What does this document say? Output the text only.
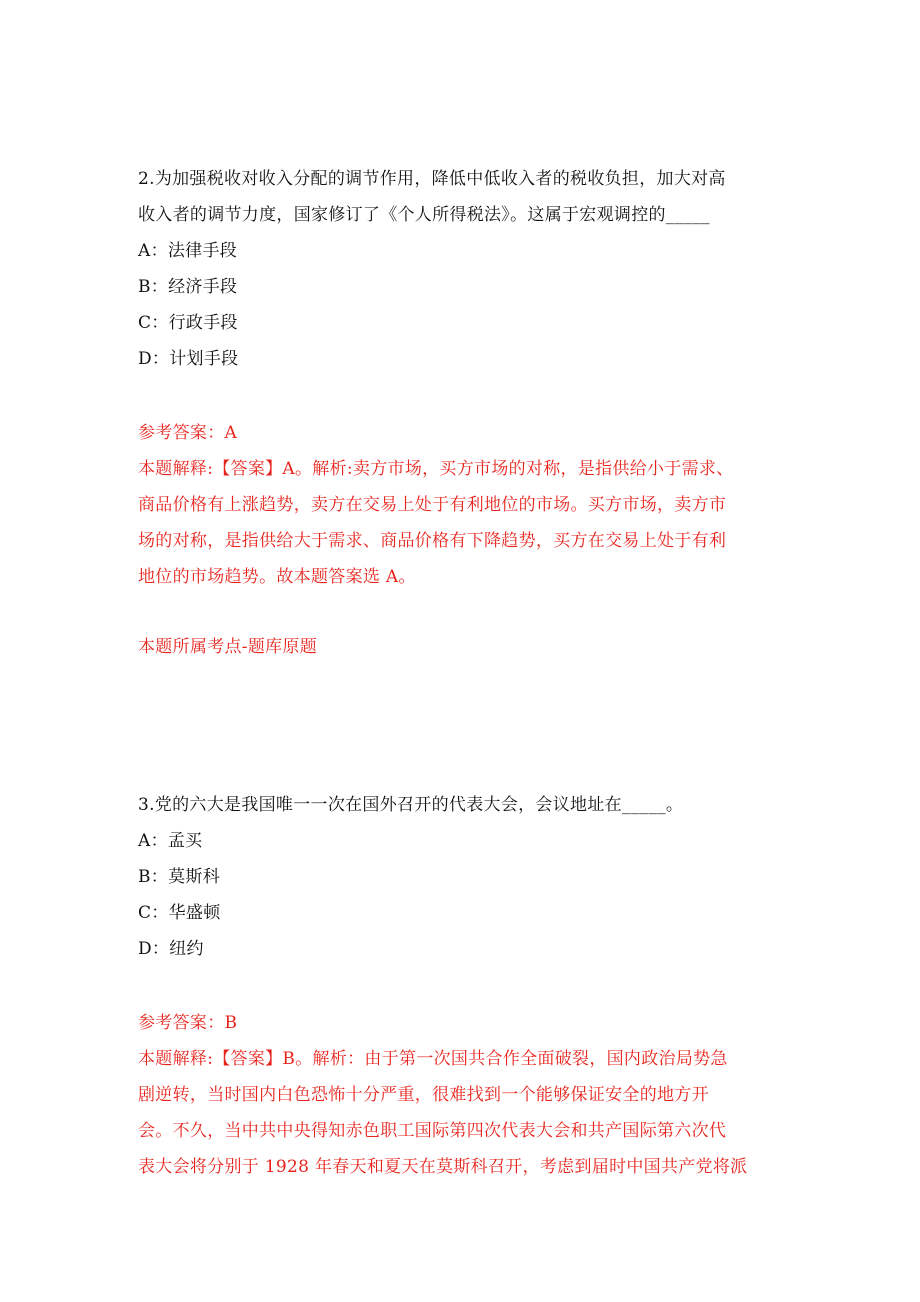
2.为加强税收对收入分配的调节作用，降低中低收入者的税收负担，加大对高
收入者的调节力度，国家修订了《个人所得税法》。这属于宏观调控的_____
A：法律手段
B：经济手段
C：行政手段
D：计划手段
参考答案：A
本题解释:【答案】A。解析:卖方市场，买方市场的对称，是指供给小于需求、
商品价格有上涨趋势，卖方在交易上处于有利地位的市场。买方市场，卖方市
场的对称，是指供给大于需求、商品价格有下降趋势，买方在交易上处于有利
地位的市场趋势。故本题答案选 A。
本题所属考点-题库原题
3.党的六大是我国唯一一次在国外召开的代表大会，会议地址在_____。
A：孟买
B：莫斯科
C：华盛顿
D：纽约
参考答案：B
本题解释:【答案】B。解析：由于第一次国共合作全面破裂，国内政治局势急
剧逆转，当时国内白色恐怖十分严重，很难找到一个能够保证安全的地方开
会。不久，当中共中央得知赤色职工国际第四次代表大会和共产国际第六次代
表大会将分别于 1928 年春天和夏天在莫斯科召开，考虑到届时中国共产党将派
